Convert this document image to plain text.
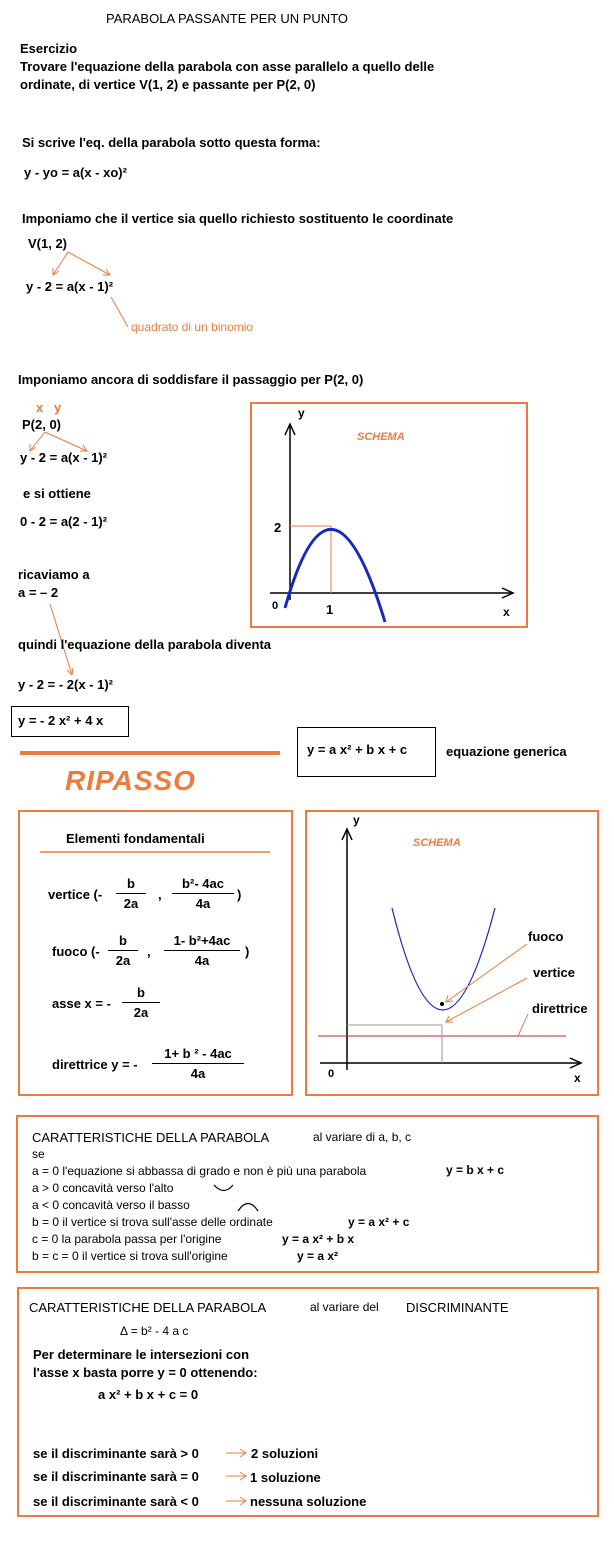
PARABOLA PASSANTE PER UN PUNTO
Esercizio
Trovare l'equazione della parabola con asse parallelo a quello delle
ordinate, di vertice V(1, 2) e passante per P(2, 0)
Si scrive l'eq. della parabola sotto questa forma:
y - yo = a(x - xo)²
Imponiamo che il vertice sia quello richiesto sostituento le coordinate
V(1, 2)
y - 2 = a(x - 1)²
quadrato di un binomio
Imponiamo ancora di soddisfare il passaggio per P(2, 0)
x y
P(2, 0)
y - 2 = a(x - 1)²
e si ottiene
0 - 2 = a(2 - 1)²
ricaviamo a
a = – 2
quindi l'equazione della parabola diventa
y - 2 = - 2(x - 1)²
y = - 2 x² + 4 x
y
SCHEMA
2
0	1	x
y = a x² + b x + c	equazione generica
RIPASSO
Elementi fondamentali
vertice (- $\frac{b}{2a}$ , $\frac{\text{b²- 4ac}}{4a}$ )
fuoco (- $\frac{b}{2a}$ , $\frac{\text{1- b²+4ac}}{4a}$ )
asse x = - $\frac{b}{2a}$
direttrice y = - $\frac{\text{1+ b ² - 4ac}}{4a}$
y
SCHEMA
fuoco
vertice
direttrice
0	x
CARATTERISTICHE DELLA PARABOLA	al variare di a, b, c
se
a = 0 l'equazione si abbassa di grado e non è più una parabola	y = b x + c
a > 0 concavità verso l'alto
a < 0 concavità verso il basso
b = 0 il vertice si trova sull'asse delle ordinate	y = a x² + c
c = 0 la parabola passa per l'origine	y = a x² + b x
b = c = 0 il vertice si trova sull'origine	y = a x²
CARATTERISTICHE DELLA PARABOLA	al variare del DISCRIMINANTE
Δ = b² - 4 a c
Per determinare le intersezioni con
l'asse x basta porre y = 0 ottenendo:
a x² + b x + c = 0
se il discriminante sarà > 0	2 soluzioni
se il discriminante sarà = 0	1 soluzione
se il discriminante sarà < 0	nessuna soluzione
